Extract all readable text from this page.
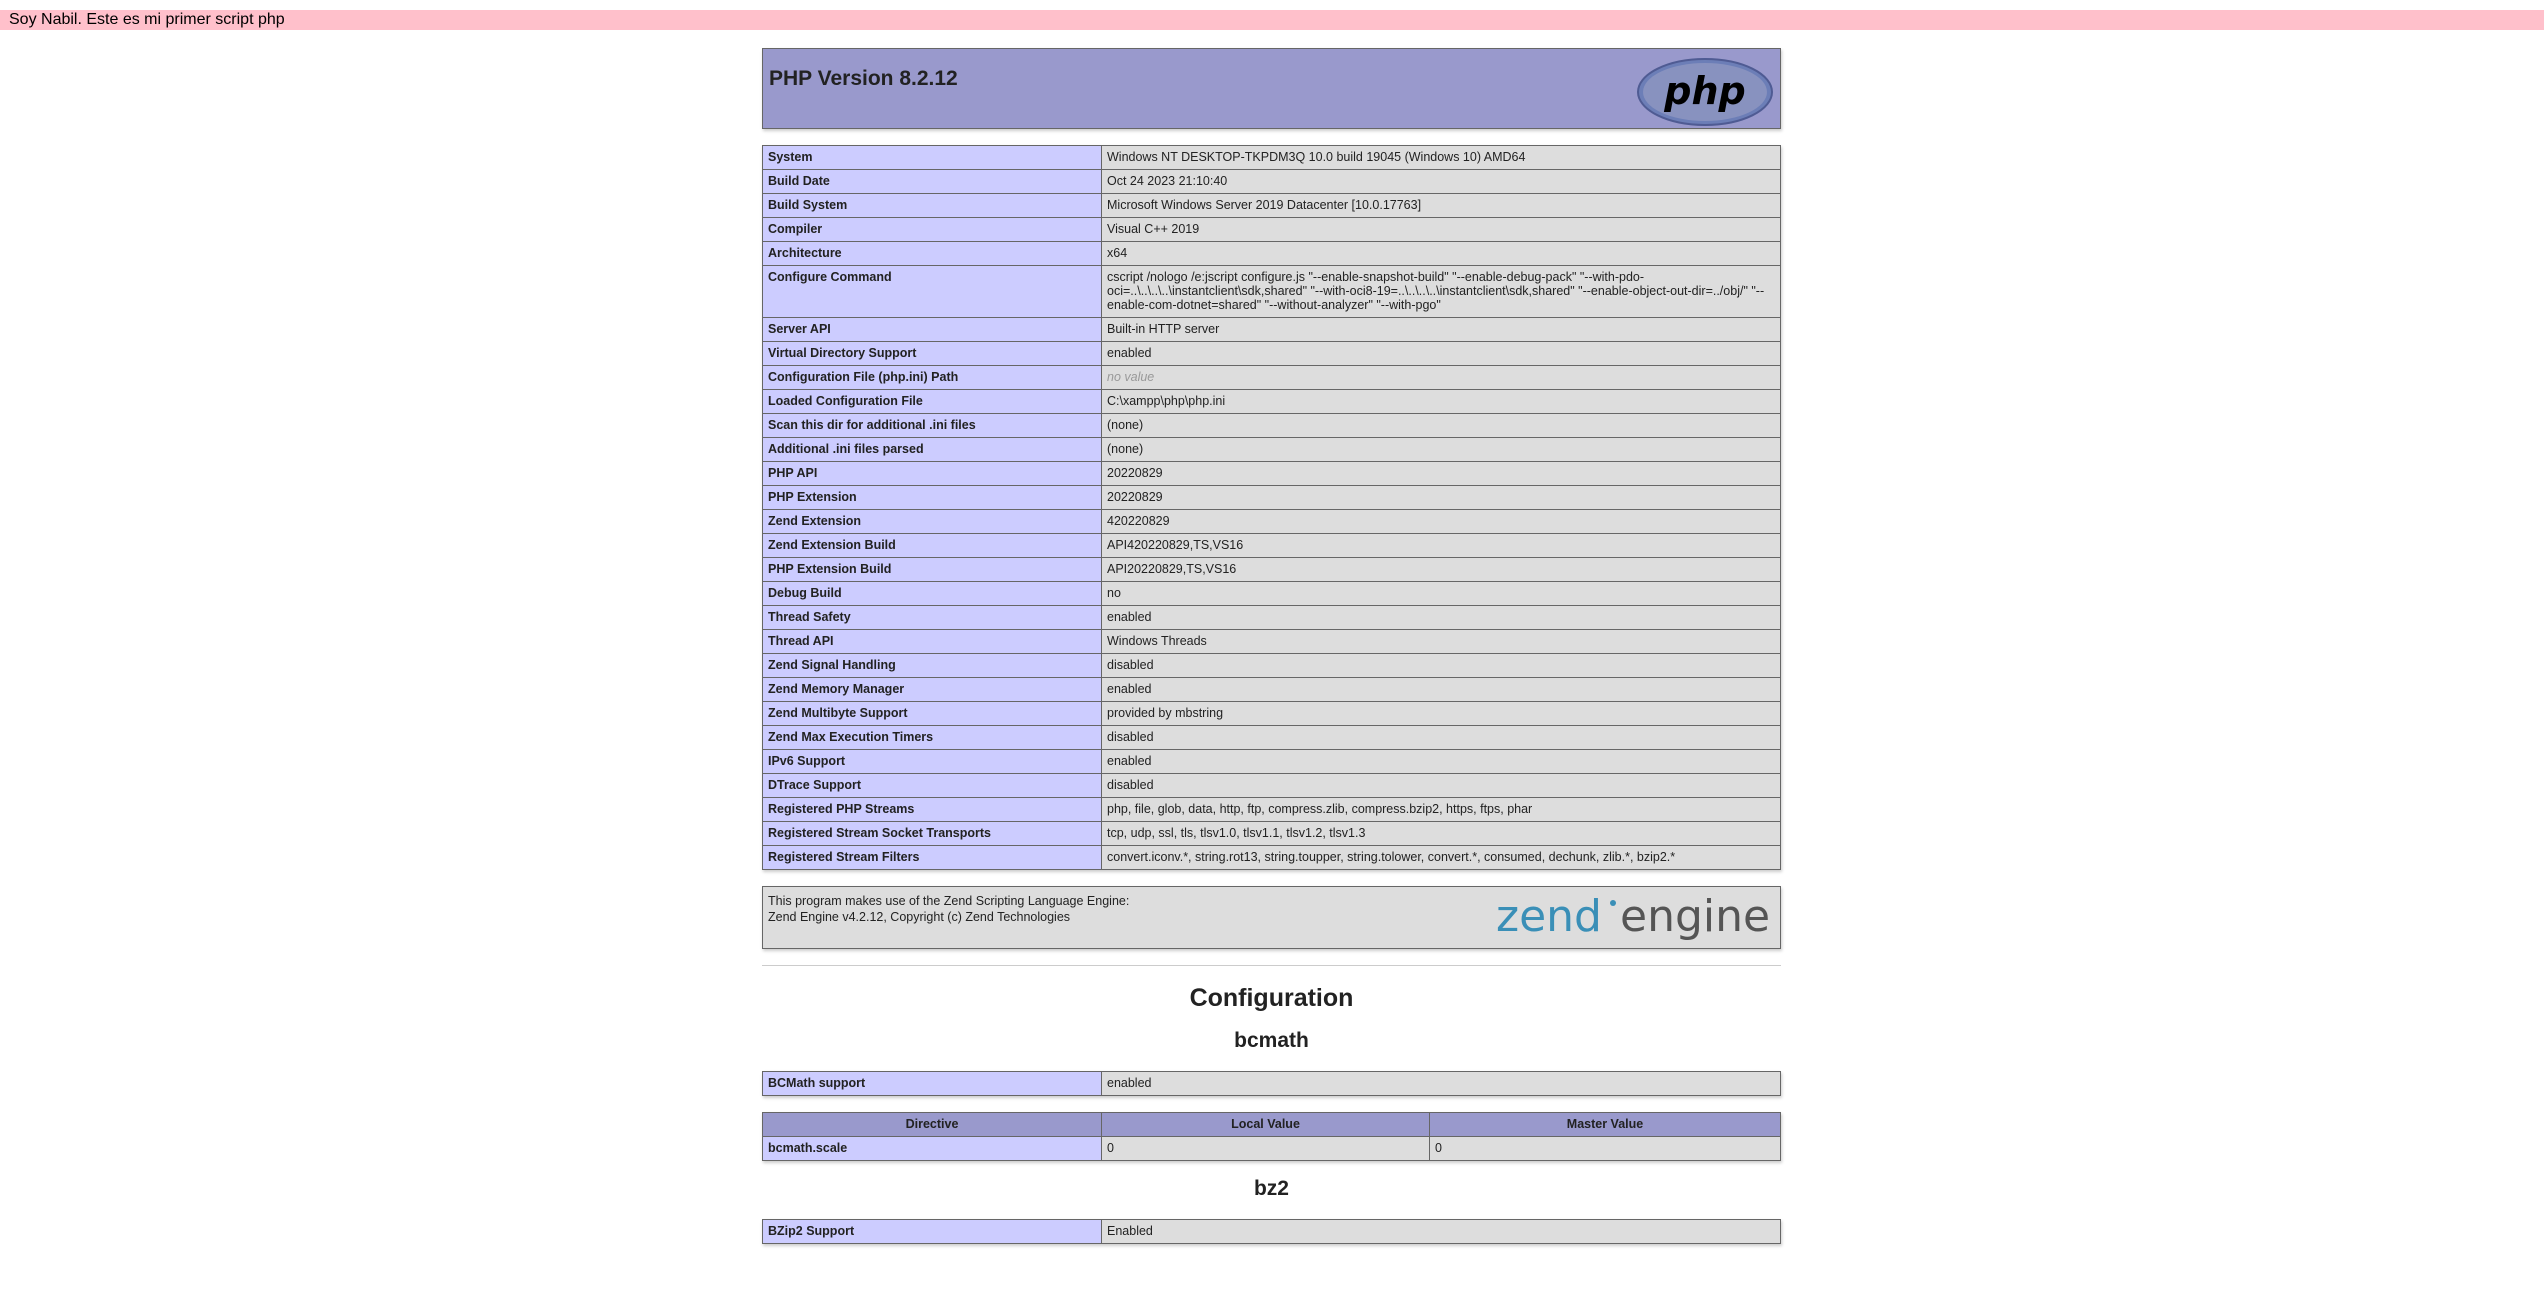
Soy Nabil. Este es mi primer script php
PHP Version 8.2.12	php
System	Windows NT DESKTOP-TKPDM3Q 10.0 build 19045 (Windows 10) AMD64
Build Date	Oct 24 2023 21:10:40
Build System	Microsoft Windows Server 2019 Datacenter [10.0.17763]
Compiler	Visual C++ 2019
Architecture	x64
Configure Command	cscript /nologo /e:jscript configure.js "--enable-snapshot-build" "--enable-debug-pack" "--with-pdo-oci=..\..\..\..\instantclient\sdk,shared" "--with-oci8-19=..\..\..\..\instantclient\sdk,shared" "--enable-object-out-dir=../obj/" "--enable-com-dotnet=shared" "--without-analyzer" "--with-pgo"
Server API	Built-in HTTP server
Virtual Directory Support	enabled
Configuration File (php.ini) Path	no value
Loaded Configuration File	C:\xampp\php\php.ini
Scan this dir for additional .ini files	(none)
Additional .ini files parsed	(none)
PHP API	20220829
PHP Extension	20220829
Zend Extension	420220829
Zend Extension Build	API420220829,TS,VS16
PHP Extension Build	API20220829,TS,VS16
Debug Build	no
Thread Safety	enabled
Thread API	Windows Threads
Zend Signal Handling	disabled
Zend Memory Manager	enabled
Zend Multibyte Support	provided by mbstring
Zend Max Execution Timers	disabled
IPv6 Support	enabled
DTrace Support	disabled
Registered PHP Streams	php, file, glob, data, http, ftp, compress.zlib, compress.bzip2, https, ftps, phar
Registered Stream Socket Transports	tcp, udp, ssl, tls, tlsv1.0, tlsv1.1, tlsv1.2, tlsv1.3
Registered Stream Filters	convert.iconv.*, string.rot13, string.toupper, string.tolower, convert.*, consumed, dechunk, zlib.*, bzip2.*
This program makes use of the Zend Scripting Language Engine:
Zend Engine v4.2.12, Copyright (c) Zend Technologies	zend engine
Configuration
bcmath
BCMath support	enabled
Directive	Local Value	Master Value
bcmath.scale	0	0
bz2
BZip2 Support	Enabled
